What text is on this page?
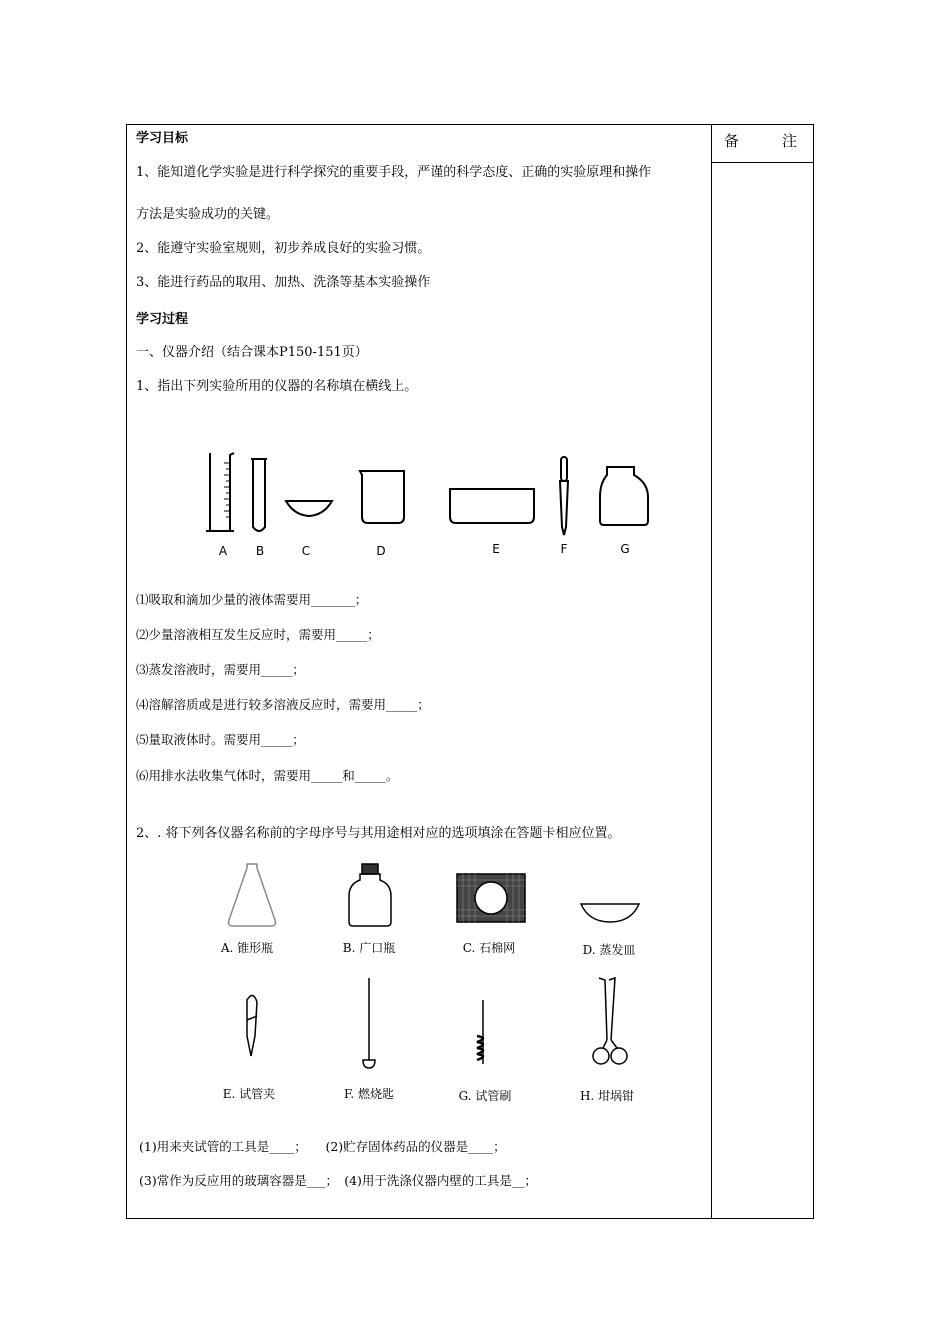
备　注
学习目标
1、能知道化学实验是进行科学探究的重要手段，严谨的科学态度、正确的实验原理和操作
方法是实验成功的关键。
2、能遵守实验室规则，初步养成良好的实验习惯。
3、能进行药品的取用、加热、洗涤等基本实验操作
学习过程
一、仪器介绍（结合课本P150-151页）
1、指出下列实验所用的仪器的名称填在横线上。
A B	C	D	E	F	G
⑴吸取和滴加少量的液体需要用_______；
⑵少量溶液相互发生反应时，需要用_____；
⑶蒸发溶液时，需要用_____；
⑷溶解溶质或是进行较多溶液反应时，需要用_____；
⑸量取液体时。需要用_____；
⑹用排水法收集气体时，需要用_____和_____。
2、. 将下列各仪器名称前的字母序号与其用途相对应的选项填涂在答题卡相应位置。
A. 锥形瓶	B. 广口瓶	C. 石棉网	D. 蒸发皿
E. 试管夹	F. 燃烧匙	G. 试管刷	H. 坩埚钳
(1)用来夹试管的工具是____；　　(2)贮存固体药品的仪器是____；
(3)常作为反应用的玻璃容器是___；　(4)用于洗涤仪器内壁的工具是__；
